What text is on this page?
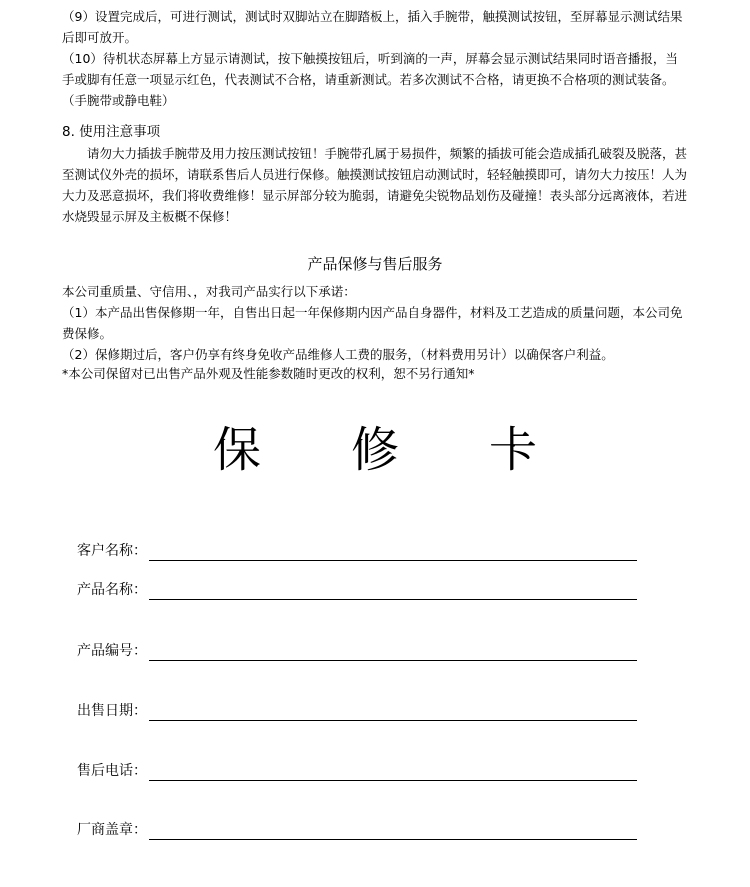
（9）设置完成后，可进行测试，测试时双脚站立在脚踏板上，插入手腕带，触摸测试按钮，至屏幕显示测试结果后即可放开。

（10）待机状态屏幕上方显示请测试，按下触摸按钮后，听到滴的一声，屏幕会显示测试结果同时语音播报，当手或脚有任意一项显示红色，代表测试不合格，请重新测试。若多次测试不合格，请更换不合格项的测试装备。（手腕带或静电鞋）

8. 使用注意事项

　　请勿大力插拔手腕带及用力按压测试按钮！手腕带孔属于易损件，频繁的插拔可能会造成插孔破裂及脱落，甚至测试仪外壳的损坏，请联系售后人员进行保修。触摸测试按钮启动测试时，轻轻触摸即可，请勿大力按压！人为大力及恶意损坏，我们将收费维修！显示屏部分较为脆弱，请避免尖锐物品划伤及碰撞！表头部分远离液体，若进水烧毁显示屏及主板概不保修！

产品保修与售后服务

本公司重质量、守信用、，对我司产品实行以下承诺：

（1）本产品出售保修期一年，自售出日起一年保修期内因产品自身器件，材料及工艺造成的质量问题，本公司免费保修。

（2）保修期过后，客户仍享有终身免收产品维修人工费的服务，（材料费用另计）以确保客户利益。

*本公司保留对已出售产品外观及性能参数随时更改的权利，恕不另行通知*

保 修 卡
客户名称：
产品名称：
产品编号：
出售日期：
售后电话：
厂商盖章：
